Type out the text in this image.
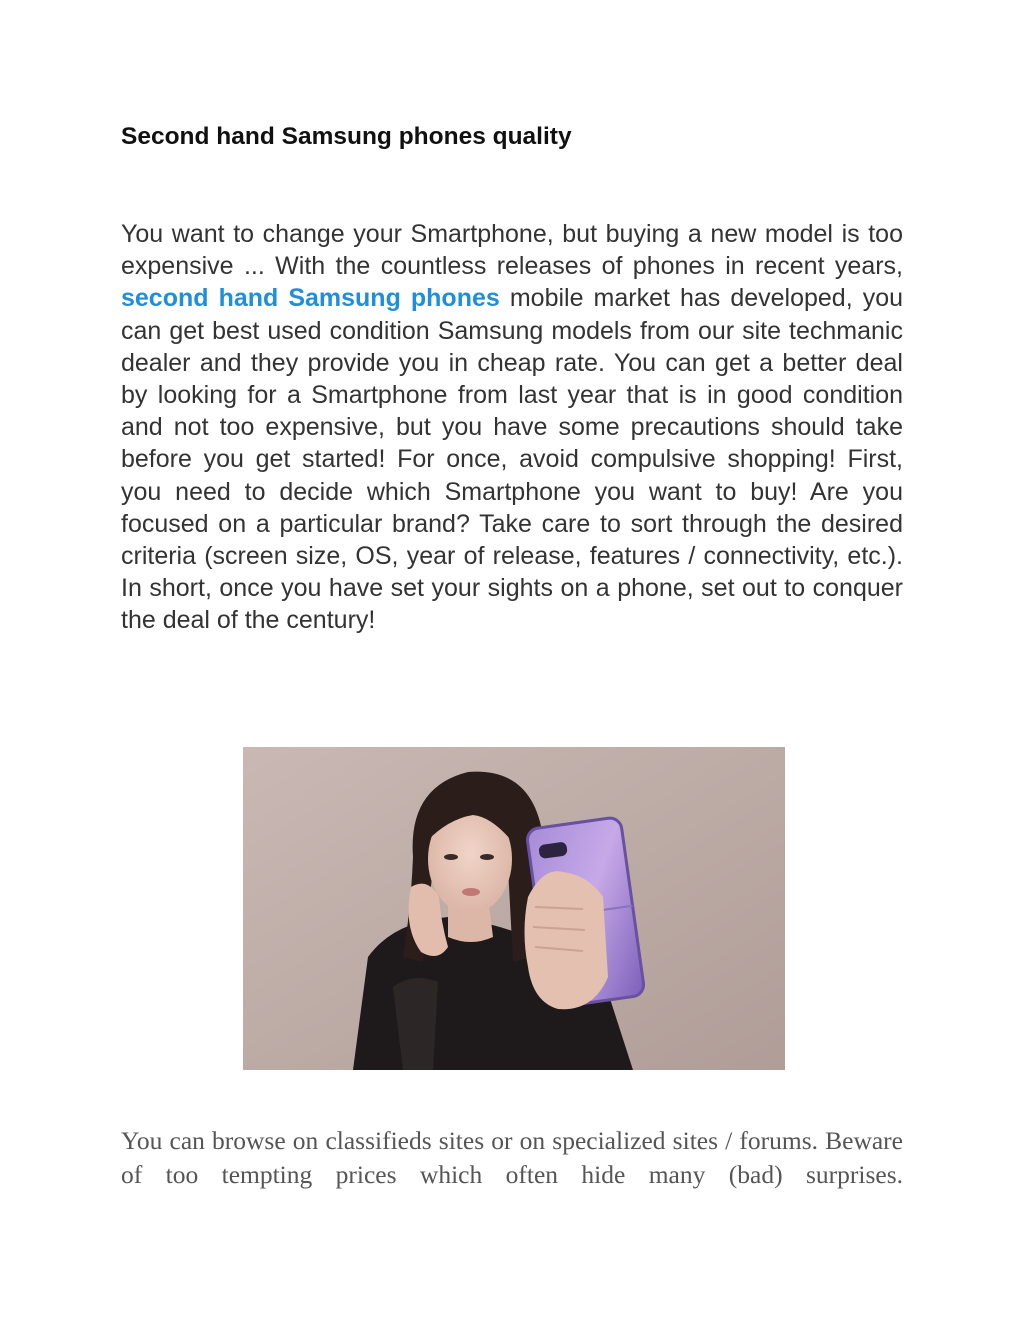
Second hand Samsung phones quality

You want to change your Smartphone, but buying a new model is too expensive ... With the countless releases of phones in recent years, second hand Samsung phones mobile market has developed, you can get best used condition Samsung models from our site techmanic dealer and they provide you in cheap rate. You can get a better deal by looking for a Smartphone from last year that is in good condition and not too expensive, but you have some precautions should take before you get started! For once, avoid compulsive shopping! First, you need to decide which Smartphone you want to buy! Are you focused on a particular brand? Take care to sort through the desired criteria (screen size, OS, year of release, features / connectivity, etc.). In short, once you have set your sights on a phone, set out to conquer the deal of the century!

You can browse on classifieds sites or on specialized sites / forums. Beware of too tempting prices which often hide many (bad) surprises.
